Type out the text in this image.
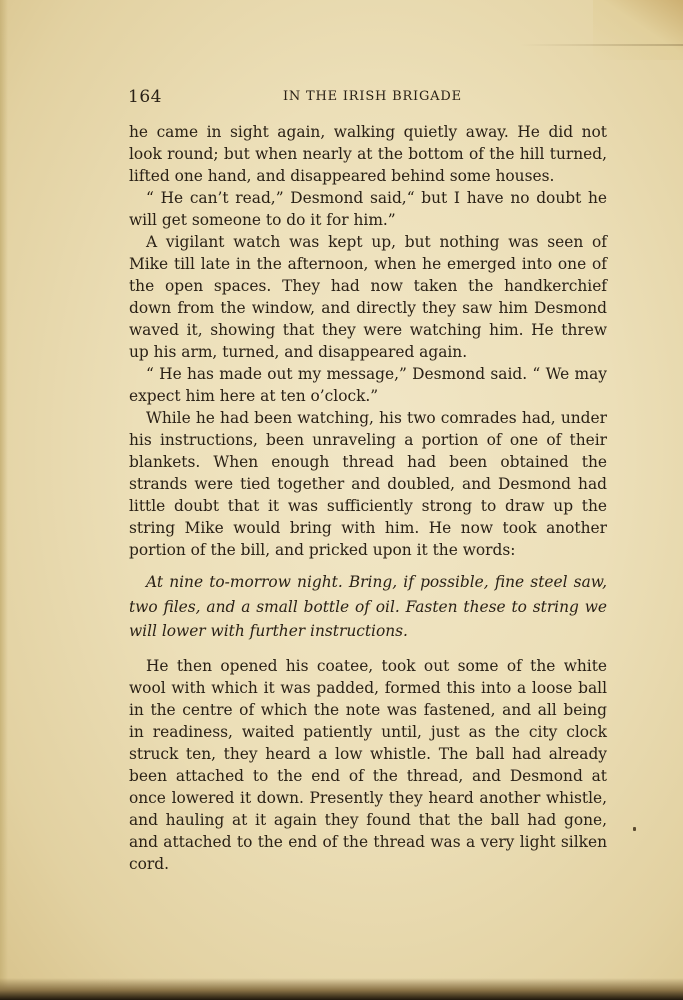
164	IN THE IRISH BRIGADE

he came in sight again, walking quietly away. He did not look round; but when nearly at the bottom of the hill turned, lifted one hand, and disappeared behind some houses.

“ He can’t read,” Desmond said,“ but I have no doubt he will get someone to do it for him.”

A vigilant watch was kept up, but nothing was seen of Mike till late in the afternoon, when he emerged into one of the open spaces. They had now taken the handkerchief down from the window, and directly they saw him Desmond waved it, showing that they were watching him. He threw up his arm, turned, and disappeared again.

“ He has made out my message,” Desmond said. “ We may expect him here at ten o’clock.”

While he had been watching, his two comrades had, under his instructions, been unraveling a portion of one of their blankets. When enough thread had been obtained the strands were tied together and doubled, and Desmond had little doubt that it was sufficiently strong to draw up the string Mike would bring with him. He now took another portion of the bill, and pricked upon it the words:

At nine to-morrow night. Bring, if possible, fine steel saw, two files, and a small bottle of oil. Fasten these to string we will lower with further instructions.

He then opened his coatee, took out some of the white wool with which it was padded, formed this into a loose ball in the centre of which the note was fastened, and all being in readiness, waited patiently until, just as the city clock struck ten, they heard a low whistle. The ball had already been attached to the end of the thread, and Desmond at once lowered it down. Presently they heard another whistle, and hauling at it again they found that the ball had gone, and attached to the end of the thread was a very light silken cord.
